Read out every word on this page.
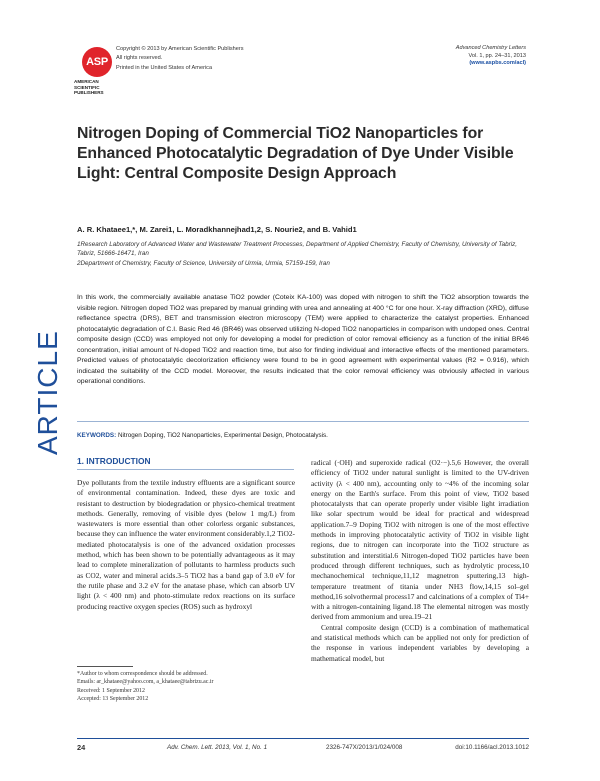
ASP
AMERICAN
SCIENTIFIC
PUBLISHERS
Copyright © 2013 by American Scientific Publishers
All rights reserved.
Printed in the United States of America
Advanced Chemistry Letters
Vol. 1, pp. 24–31, 2013
(www.aspbs.com/acl)
ARTICLE
Nitrogen Doping of Commercial TiO2 Nanoparticles for Enhanced Photocatalytic Degradation of Dye Under Visible Light: Central Composite Design Approach
A. R. Khataee1,*, M. Zarei1, L. Moradkhannejhad1,2, S. Nourie2, and B. Vahid1
1Research Laboratory of Advanced Water and Wastewater Treatment Processes, Department of Applied Chemistry, Faculty of Chemistry, University of Tabriz, Tabriz, 51666-16471, Iran
2Department of Chemistry, Faculty of Science, University of Urmia, Urmia, 57159-159, Iran
In this work, the commercially available anatase TiO2 powder (Coteix KA-100) was doped with nitrogen to shift the TiO2 absorption towards the visible region. Nitrogen doped TiO2 was prepared by manual grinding with urea and annealing at 400 °C for one hour. X-ray diffraction (XRD), diffuse reflectance spectra (DRS), BET and transmission electron microscopy (TEM) were applied to characterize the catalyst properties. Enhanced photocatalytic degradation of C.I. Basic Red 46 (BR46) was observed utilizing N-doped TiO2 nanoparticles in comparison with undoped ones. Central composite design (CCD) was employed not only for developing a model for prediction of color removal efficiency as a function of the initial BR46 concentration, initial amount of N-doped TiO2 and reaction time, but also for finding individual and interactive effects of the mentioned parameters. Predicted values of photocatalytic decolorization efficiency were found to be in good agreement with experimental values (R2 = 0.916), which indicated the suitability of the CCD model. Moreover, the results indicated that the color removal efficiency was obviously affected in various operational conditions.
KEYWORDS: Nitrogen Doping, TiO2 Nanoparticles, Experimental Design, Photocatalysis.
1. INTRODUCTION

Dye pollutants from the textile industry effluents are a significant source of environmental contamination. Indeed, these dyes are toxic and resistant to destruction by biodegradation or physico-chemical treatment methods. Generally, removing of visible dyes (below 1 mg/L) from wastewaters is more essential than other colorless organic substances, because they can influence the water environment considerably.1,2 TiO2-mediated photocatalysis is one of the advanced oxidation processes method, which has been shown to be potentially advantageous as it may lead to complete mineralization of pollutants to harmless products such as CO2, water and mineral acids.3–5 TiO2 has a band gap of 3.0 eV for the rutile phase and 3.2 eV for the anatase phase, which can absorb UV light (λ < 400 nm) and photo-stimulate redox reactions on its surface producing reactive oxygen species (ROS) such as hydroxyl

radical (·OH) and superoxide radical (O2·−).5,6 However, the overall efficiency of TiO2 under natural sunlight is limited to the UV-driven activity (λ < 400 nm), accounting only to ~4% of the incoming solar energy on the Earth's surface. From this point of view, TiO2 based photocatalysts that can operate properly under visible light irradiation like solar spectrum would be ideal for practical and widespread application.7–9 Doping TiO2 with nitrogen is one of the most effective methods in improving photocatalytic activity of TiO2 in visible light regions, due to nitrogen can incorporate into the TiO2 structure as substitution and interstitial.6 Nitrogen-doped TiO2 particles have been produced through different techniques, such as hydrolytic process,10 mechanochemical technique,11,12 magnetron sputtering,13 high-temperature treatment of titania under NH3 flow,14,15 sol–gel method,16 solvothermal process17 and calcinations of a complex of Ti4+ with a nitrogen-containing ligand.18 The elemental nitrogen was mostly derived from ammonium and urea.19–21

Central composite design (CCD) is a combination of mathematical and statistical methods which can be applied not only for prediction of the response in various independent variables by developing a mathematical model, but

*Author to whom correspondence should be addressed.
Emails: ar_khataee@yahoo.com, a_khataee@tabrizu.ac.ir
Received: 1 September 2012
Accepted: 13 September 2012
24	Adv. Chem. Lett. 2013, Vol. 1, No. 1	2326-747X/2013/1/024/008	doi:10.1166/acl.2013.1012
